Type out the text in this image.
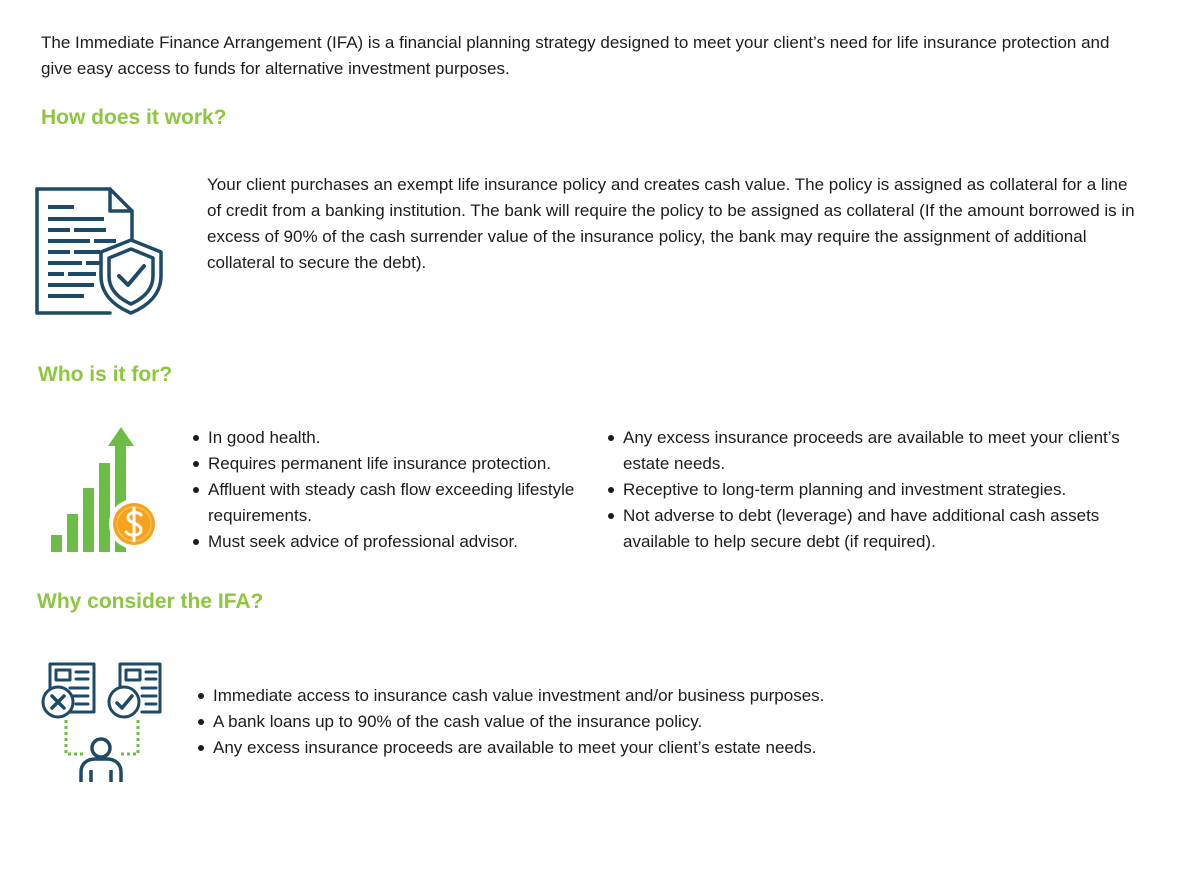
The Immediate Finance Arrangement (IFA) is a financial planning strategy designed to meet your client’s need for life insurance protection and give easy access to funds for alternative investment purposes.

How does it work?

Your client purchases an exempt life insurance policy and creates cash value. The policy is assigned as collateral for a line of credit from a banking institution. The bank will require the policy to be assigned as collateral (If the amount borrowed is in excess of 90% of the cash surrender value of the insurance policy, the bank may require the assignment of additional collateral to secure the debt).

Who is it for?
In good health.
Requires permanent life insurance protection.
Affluent with steady cash flow exceeding lifestyle requirements.
Must seek advice of professional advisor.
Any excess insurance proceeds are available to meet your client’s estate needs.
Receptive to long-term planning and investment strategies.
Not adverse to debt (leverage) and have additional cash assets available to help secure debt (if required).
Why consider the IFA?
Immediate access to insurance cash value investment and/or business purposes.
A bank loans up to 90% of the cash value of the insurance policy.
Any excess insurance proceeds are available to meet your client’s estate needs.
